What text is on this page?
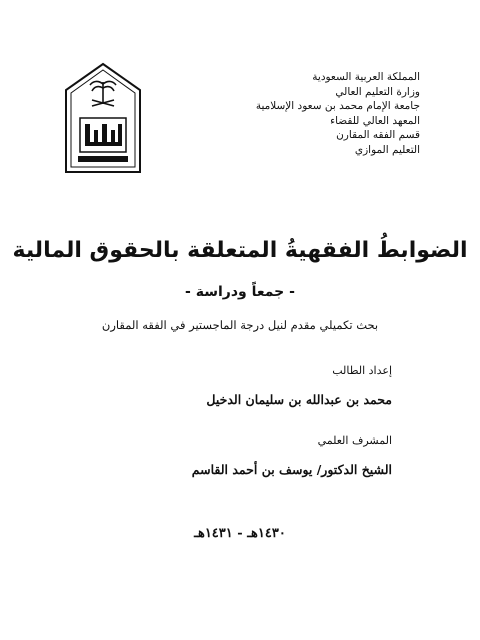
المملكة العربية السعودية
وزارة التعليم العالي
جامعة الإمام محمد بن سعود الإسلامية
المعهد العالي للقضاء
قسم الفقه المقارن
التعليم الموازي
الضوابطُ الفقهيةُ المتعلقة بالحقوق المالية
- جمعاً ودراسة -
بحث تكميلي مقدم لنيل درجة الماجستير في الفقه المقارن
إعداد الطالب
محمد بن عبدالله بن سليمان الدخيل
المشرف العلمي
الشيخ الدكتور/ يوسف بن أحمد القاسم
١٤٣٠هـ - ١٤٣١هـ
